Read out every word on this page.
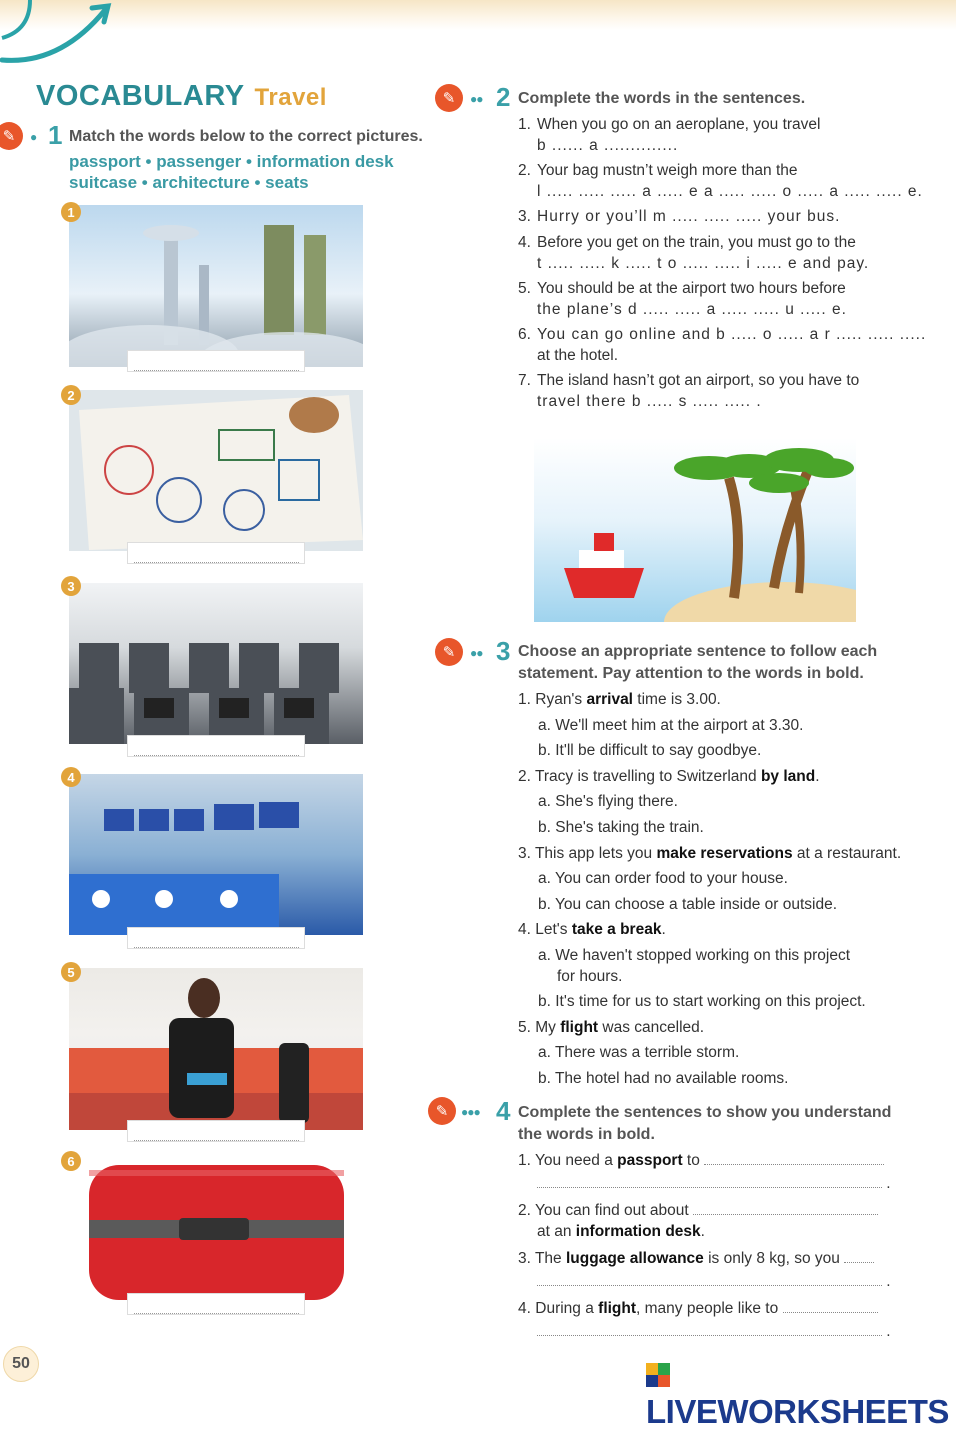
VOCABULARY Travel
✎	● 1 Match the words below to the correct pictures.
passport • passenger • information desk
suitcase • architecture • seats
1
2
3
4
5
6
✎	●● 2 Complete the words in the sentences.
1. When you go on an aeroplane, you travel
b ...... a ..............
2. Your bag mustn’t weigh more than the
l ..... ..... ..... a ..... e a ..... ..... o ..... a ..... ..... e.
3. Hurry or you’ll m ..... ..... ..... your bus.
4. Before you get on the train, you must go to the
t ..... ..... k ..... t o ..... ..... i ..... e and pay.
5. You should be at the airport two hours before
the plane’s d ..... ..... a ..... ..... u ..... e.
6. You can go online and b ..... o ..... a r ..... ..... .....
at the hotel.
7. The island hasn’t got an airport, so you have to
travel there b ..... s ..... ..... .
✎	●● 3 Choose an appropriate sentence to follow each
statement. Pay attention to the words in bold.
1. Ryan's arrival time is 3.00.
a. We'll meet him at the airport at 3.30.
b. It'll be difficult to say goodbye.
2. Tracy is travelling to Switzerland by land.
a. She's flying there.
b. She's taking the train.
3. This app lets you make reservations at a restaurant.
a. You can order food to your house.
b. You can choose a table inside or outside.
4. Let's take a break.
a. We haven't stopped working on this project
for hours.
b. It's time for us to start working on this project.
5. My flight was cancelled.
a. There was a terrible storm.
b. The hotel had no available rooms.
✎	●●● 4 Complete the sentences to show you understand
the words in bold.
1. You need a passport to
.
2. You can find out about
at an information desk.
3. The luggage allowance is only 8 kg, so you
.
4. During a flight, many people like to
.
50
LIVEWORKSHEETS
